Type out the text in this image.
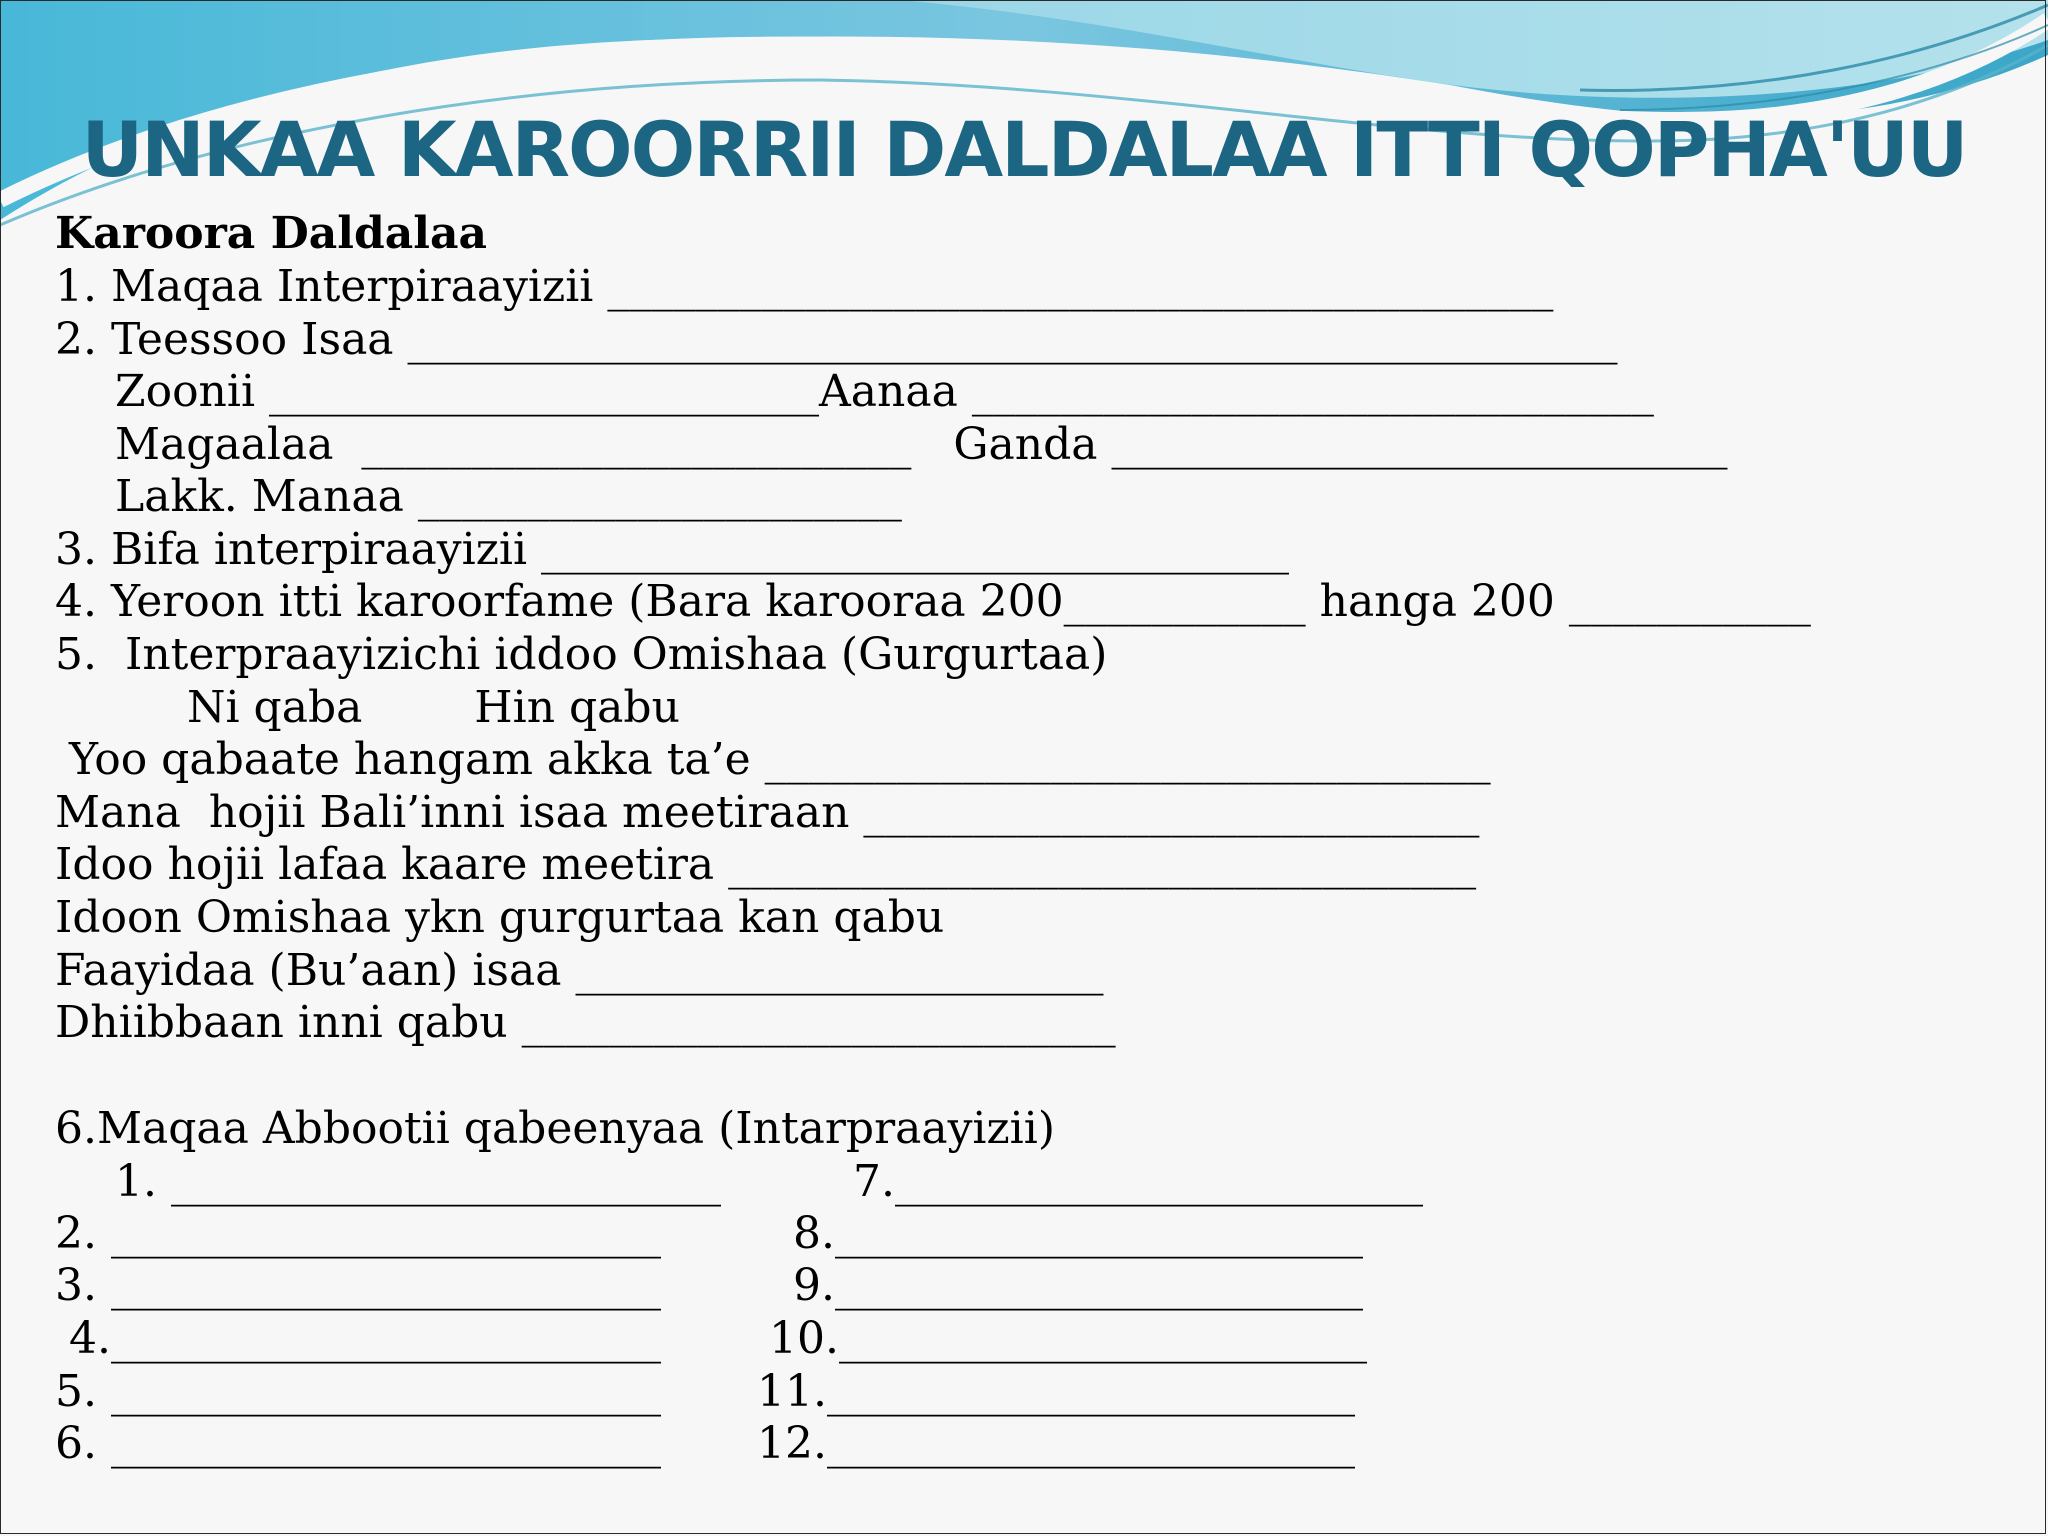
UNKAA KAROORRII DALDALAA ITTI QOPHA'UU
Karoora Daldalaa
1. Maqaa Interpiraayizii ___________________________________________
2. Teessoo Isaa _______________________________________________________
Zoonii _________________________Aanaa _______________________________
Magaalaa  _________________________   Ganda ____________________________
Lakk. Manaa ______________________
3. Bifa interpiraayizii __________________________________
4. Yeroon itti karoorfame (Bara karooraa 200___________ hanga 200 ___________
5.  Interpraayizichi iddoo Omishaa (Gurgurtaa)
Ni qaba        Hin qabu
Yoo qabaate hangam akka ta’e _________________________________
Mana  hojii Bali’inni isaa meetiraan ____________________________
Idoo hojii lafaa kaare meetira __________________________________
Idoon Omishaa ykn gurgurtaa kan qabu
Faayidaa (Bu’aan) isaa ________________________
Dhiibbaan inni qabu ___________________________
6.Maqaa Abbootii qabeenyaa (Intarpraayizii)
1. _________________________
2. _________________________
3. _________________________
4._________________________
5. _________________________
6. _________________________
7.________________________
8.________________________
9.________________________
10.________________________
11.________________________
12.________________________
